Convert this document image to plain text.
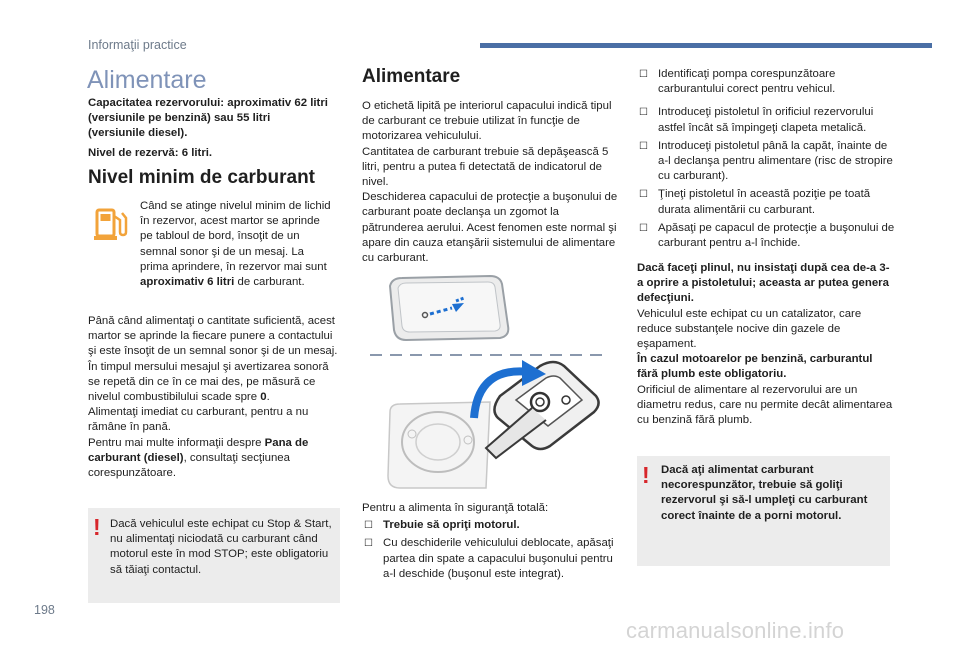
Informaţii practice
Alimentare

Capacitatea rezervorului: aproximativ 62 litri (versiunile pe benzină) sau 55 litri (versiunile diesel).

Nivel de rezervă: 6 litri.

Nivel minim de carburant

Când se atinge nivelul minim de lichid în rezervor, acest martor se aprinde pe tabloul de bord, însoţit de un semnal sonor şi de un mesaj. La prima aprindere, în rezervor mai sunt aproximativ 6 litri de carburant.

Până când alimentaţi o cantitate suficientă, acest martor se aprinde la fiecare punere a contactului şi este însoţit de un semnal sonor şi de un mesaj. În timpul mersului mesajul şi avertizarea sonoră se repetă din ce în ce mai des, pe măsură ce nivelul combustibilului scade spre 0.

Alimentaţi imediat cu carburant, pentru a nu rămâne în pană.

Pentru mai multe informaţii despre Pana de carburant (diesel), consultaţi secţiunea corespunzătoare.

! Dacă vehiculul este echipat cu Stop & Start, nu alimentaţi niciodată cu carburant când motorul este în mod STOP; este obligatoriu să tăiaţi contactul.

Alimentare

O etichetă lipită pe interiorul capacului indică tipul de carburant ce trebuie utilizat în funcţie de motorizarea vehiculului.

Cantitatea de carburant trebuie să depăşească 5 litri, pentru a putea fi detectată de indicatorul de nivel.

Deschiderea capacului de protecţie a buşonului de carburant poate declanşa un zgomot la pătrunderea aerului. Acest fenomen este normal şi apare din cauza etanşării sistemului de alimentare cu carburant.

Pentru a alimenta în siguranţă totală:

☐ Trebuie să opriţi motorul.
☐ Cu deschiderile vehiculului deblocate, apăsaţi partea din spate a capacului buşonului pentru a-l deschide (buşonul este integrat).
☐ Identificaţi pompa corespunzătoare carburantului corect pentru vehicul.
☐ Introduceţi pistoletul în orificiul rezervorului astfel încât să împingeţi clapeta metalică.
☐ Introduceţi pistoletul până la capăt, înainte de a-l declanşa pentru alimentare (risc de stropire cu carburant).
☐ Ţineţi pistoletul în această poziţie pe toată durata alimentării cu carburant.
☐ Apăsaţi pe capacul de protecţie a buşonului de carburant pentru a-l închide.

Dacă faceţi plinul, nu insistaţi după cea de-a 3-a oprire a pistoletului; aceasta ar putea genera defecţiuni.

Vehiculul este echipat cu un catalizator, care reduce substanţele nocive din gazele de eşapament.

În cazul motoarelor pe benzină, carburantul fără plumb este obligatoriu.

Orificiul de alimentare al rezervorului are un diametru redus, care nu permite decât alimentarea cu benzină fără plumb.

! Dacă aţi alimentat carburant necorespunzător, trebuie să goliţi rezervorul şi să-l umpleţi cu carburant corect înainte de a porni motorul.

198
carmanualsonline.info
